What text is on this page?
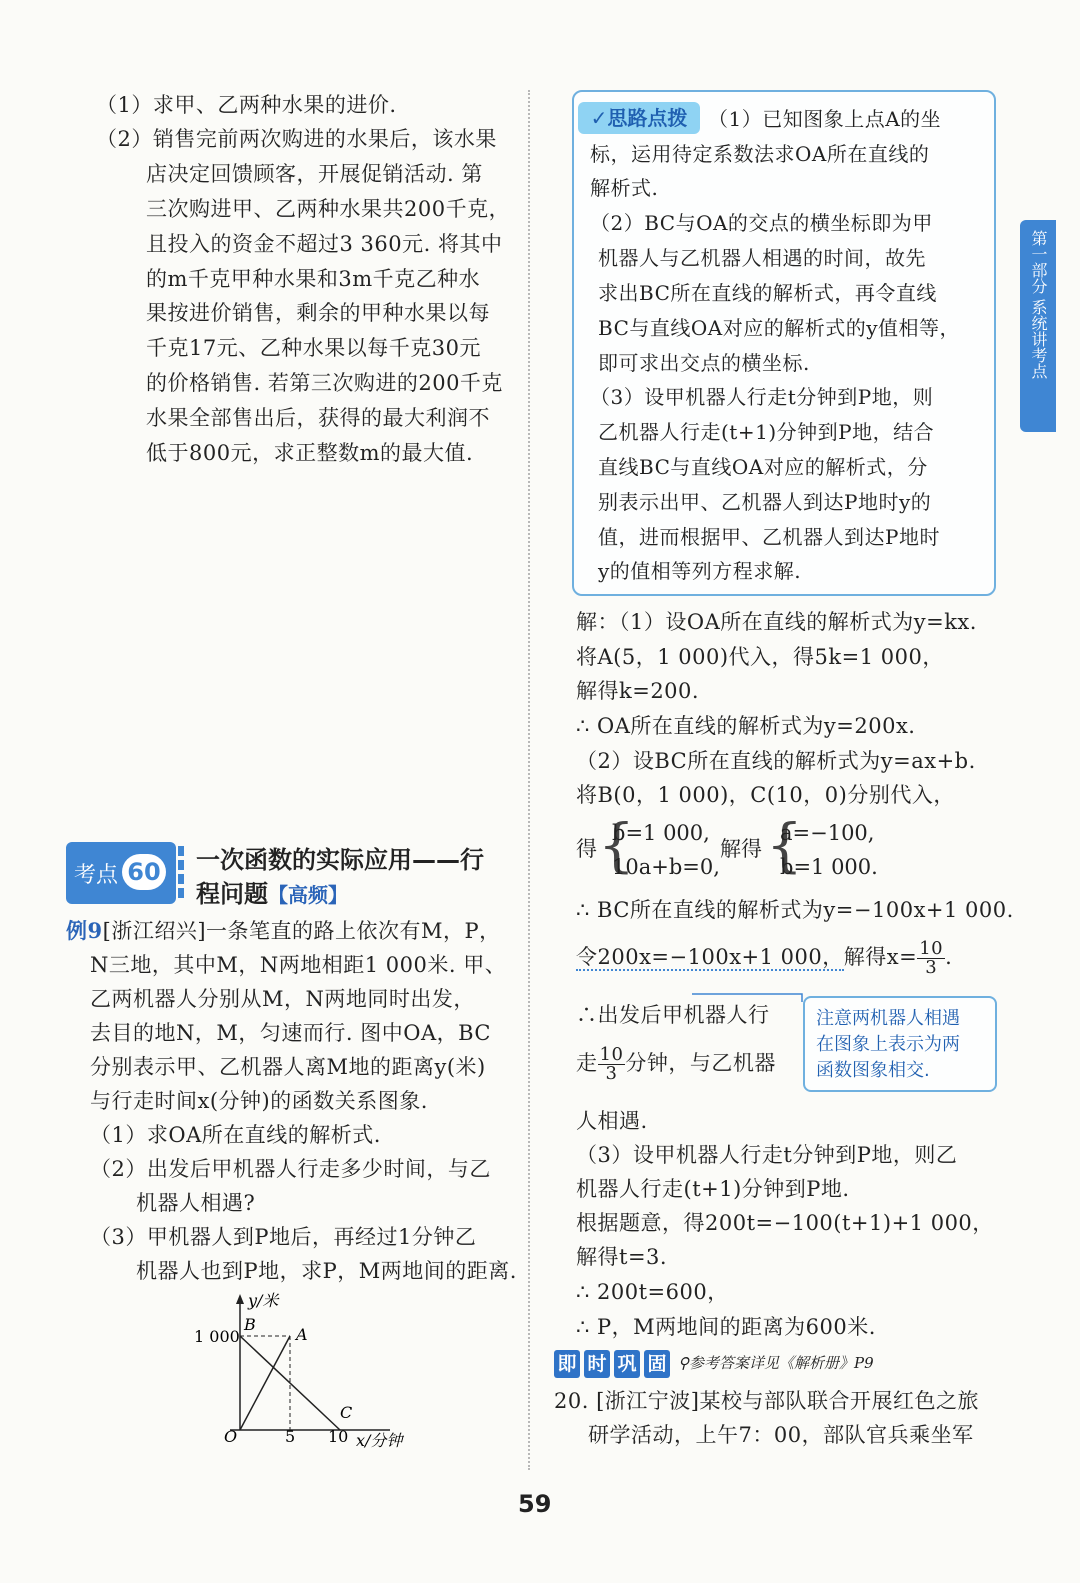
（1）求甲、乙两种水果的进价.
（2）销售完前两次购进的水果后，该水果
店决定回馈顾客，开展促销活动. 第
三次购进甲、乙两种水果共200千克，
且投入的资金不超过3 360元. 将其中
的m千克甲种水果和3m千克乙种水
果按进价销售，剩余的甲种水果以每
千克17元、乙种水果以每千克30元
的价格销售. 若第三次购进的200千克
水果全部售出后，获得的最大利润不
低于800元，求正整数m的最大值.
考点 60 一次函数的实际应用——行
程问题【高频】
例9[浙江绍兴]一条笔直的路上依次有M，P，
N三地，其中M，N两地相距1 000米. 甲、
乙两机器人分别从M，N两地同时出发，
去目的地N，M，匀速而行. 图中OA，BC
分别表示甲、乙机器人离M地的距离y(米)
与行走时间x(分钟)的函数关系图象.
（1）求OA所在直线的解析式.
（2）出发后甲机器人行走多少时间，与乙
机器人相遇?
（3）甲机器人到P地后，再经过1分钟乙
机器人也到P地，求P，M两地间的距离.
y/米
1 000
B
A
C
O	5 10 x/分钟
✓思路点拨	（1）已知图象上点A的坐
标，运用待定系数法求OA所在直线的
解析式.
（2）BC与OA的交点的横坐标即为甲
机器人与乙机器人相遇的时间，故先
求出BC所在直线的解析式，再令直线
BC与直线OA对应的解析式的y值相等，
即可求出交点的横坐标.
（3）设甲机器人行走t分钟到P地，则
乙机器人行走(t+1)分钟到P地，结合
直线BC与直线OA对应的解析式，分
别表示出甲、乙机器人到达P地时y的
值，进而根据甲、乙机器人到达P地时
y的值相等列方程求解.
第一部分 系统讲考点
解：（1）设OA所在直线的解析式为y=kx.
将A(5，1 000)代入，得5k=1 000，
解得k=200.
∴ OA所在直线的解析式为y=200x.
（2）设BC所在直线的解析式为y=ax+b.
将B(0，1 000)，C(10，0)分别代入，
得 {
b=1 000,
10a+b=0,
解得 {
a=−100,
b=1 000.
∴ BC所在直线的解析式为y=−100x+1 000.
令200x=−100x+1 000，解得$x= \frac{10}{3}$ .
∴出发后甲机器人行
走 $\frac{10}{3}$ 分钟，与乙机器
人相遇.
（3）设甲机器人行走t分钟到P地，则乙
机器人行走(t+1)分钟到P地.
根据题意，得200t=−100(t+1)+1 000，
解得t=3.
∴ 200t=600，
∴ P，M两地间的距离为600米.
注意两机器人相遇
在图象上表示为两
函数图象相交.
即 时 巩 固 ⚲参考答案详见《解析册》P9
20. [浙江宁波]某校与部队联合开展红色之旅
研学活动，上午7：00，部队官兵乘坐军
59
